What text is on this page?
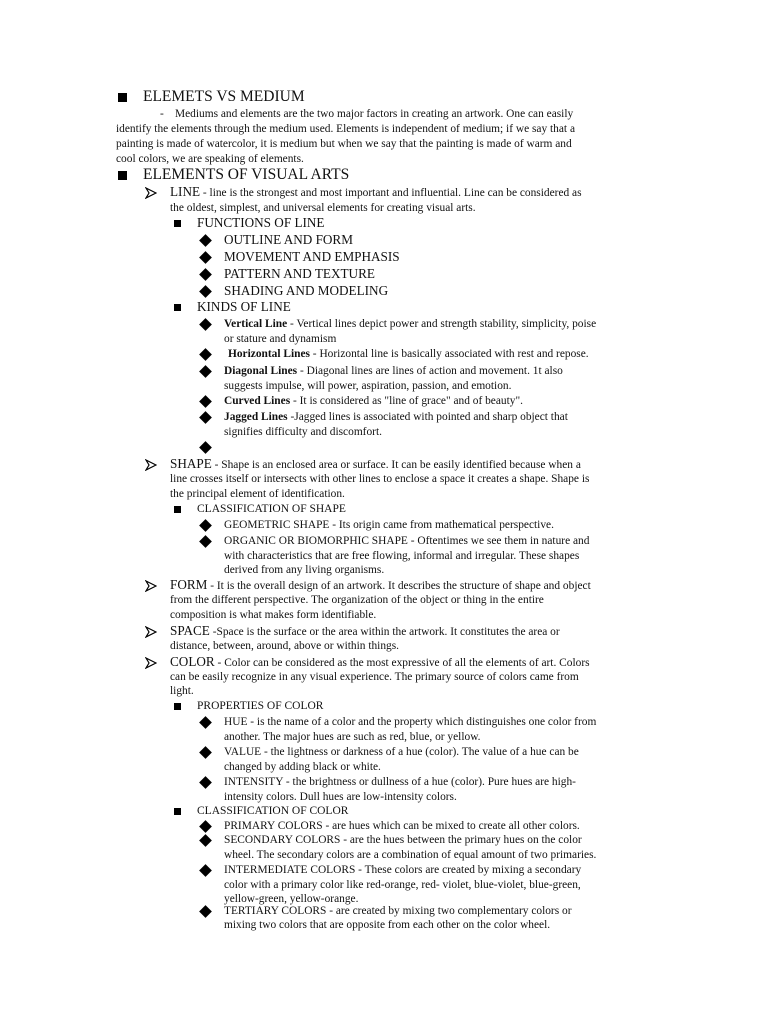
ELEMETS VS MEDIUM
- Mediums and elements are the two major factors in creating an artwork. One can easily
identify the elements through the medium used. Elements is independent of medium; if we say that a
painting is made of watercolor, it is medium but when we say that the painting is made of warm and
cool colors, we are speaking of elements.
ELEMENTS OF VISUAL ARTS
LINE - line is the strongest and most important and influential. Line can be considered as
the oldest, simplest, and universal elements for creating visual arts.
FUNCTIONS OF LINE
OUTLINE AND FORM
MOVEMENT AND EMPHASIS
PATTERN AND TEXTURE
SHADING AND MODELING
KINDS OF LINE
Vertical Line - Vertical lines depict power and strength stability, simplicity, poise
or stature and dynamism
Horizontal Lines - Horizontal line is basically associated with rest and repose.
Diagonal Lines - Diagonal lines are lines of action and movement. 1t also
suggests impulse, will power, aspiration, passion, and emotion.
Curved Lines - It is considered as "line of grace" and of beauty".
Jagged Lines -Jagged lines is associated with pointed and sharp object that
signifies difficulty and discomfort.
SHAPE - Shape is an enclosed area or surface. It can be easily identified because when a
line crosses itself or intersects with other lines to enclose a space it creates a shape. Shape is
the principal element of identification.
CLASSIFICATION OF SHAPE
GEOMETRIC SHAPE - Its origin came from mathematical perspective.
ORGANIC OR BIOMORPHIC SHAPE - Oftentimes we see them in nature and
with characteristics that are free flowing, informal and irregular. These shapes
derived from any living organisms.
FORM - It is the overall design of an artwork. It describes the structure of shape and object
from the different perspective. The organization of the object or thing in the entire
composition is what makes form identifiable.
SPACE -Space is the surface or the area within the artwork. It constitutes the area or
distance, between, around, above or within things.
COLOR - Color can be considered as the most expressive of all the elements of art. Colors
can be easily recognize in any visual experience. The primary source of colors came from
light.
PROPERTIES OF COLOR
HUE - is the name of a color and the property which distinguishes one color from
another. The major hues are such as red, blue, or yellow.
VALUE - the lightness or darkness of a hue (color). The value of a hue can be
changed by adding black or white.
INTENSITY - the brightness or dullness of a hue (color). Pure hues are high-
intensity colors. Dull hues are low-intensity colors.
CLASSIFICATION OF COLOR
PRIMARY COLORS - are hues which can be mixed to create all other colors.
SECONDARY COLORS - are the hues between the primary hues on the color
wheel. The secondary colors are a combination of equal amount of two primaries.
INTERMEDIATE COLORS - These colors are created by mixing a secondary
color with a primary color like red-orange, red- violet, blue-violet, blue-green,
yellow-green, yellow-orange.
TERTIARY COLORS - are created by mixing two complementary colors or
mixing two colors that are opposite from each other on the color wheel.
